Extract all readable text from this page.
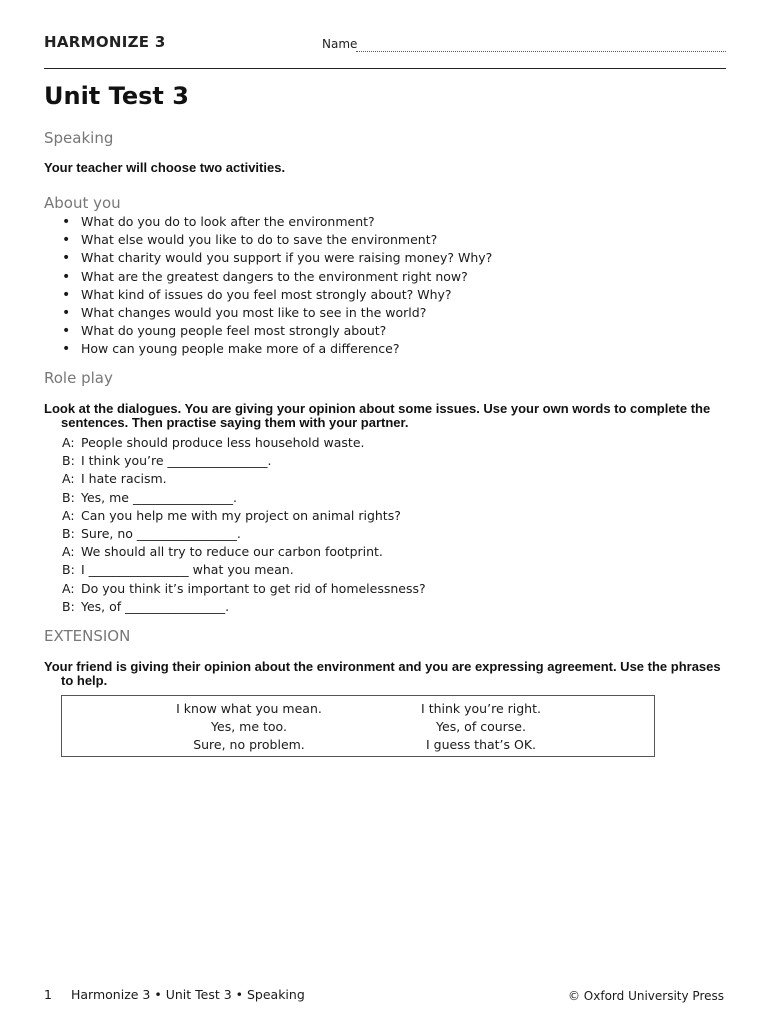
HARMONIZE 3	Name
Unit Test 3
Speaking
Your teacher will choose two activities.
About you
• What do you do to look after the environment?
• What else would you like to do to save the environment?
• What charity would you support if you were raising money? Why?
• What are the greatest dangers to the environment right now?
• What kind of issues do you feel most strongly about? Why?
• What changes would you most like to see in the world?
• What do young people feel most strongly about?
• How can young people make more of a difference?
Role play
Look at the dialogues. You are giving your opinion about some issues. Use your own words to complete the
sentences. Then practise saying them with your partner.
A: People should produce less household waste.
B: I think you’re ________________.
A: I hate racism.
B: Yes, me ________________.
A: Can you help me with my project on animal rights?
B: Sure, no ________________.
A: We should all try to reduce our carbon footprint.
B: I ________________ what you mean.
A: Do you think it’s important to get rid of homelessness?
B: Yes, of ________________.
EXTENSION
Your friend is giving their opinion about the environment and you are expressing agreement. Use the phrases
to help.
I know what you mean.
Yes, me too.
Sure, no problem.
I think you’re right.
Yes, of course.
I guess that’s OK.
1 Harmonize 3 • Unit Test 3 • Speaking	© Oxford University Press
